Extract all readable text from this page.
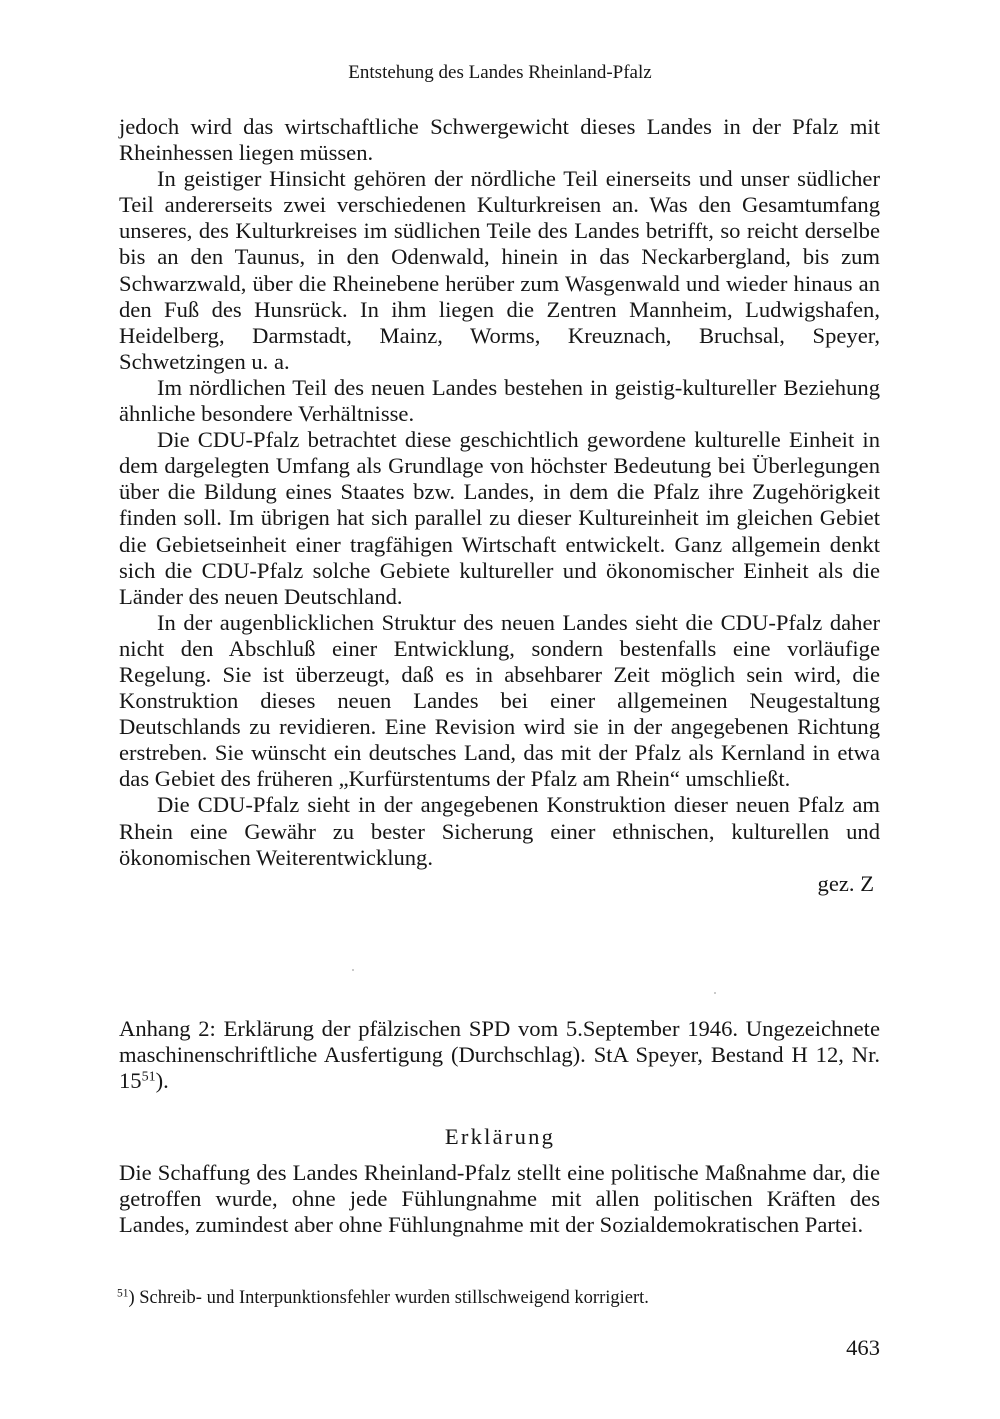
Entstehung des Landes Rheinland-Pfalz

jedoch wird das wirtschaftliche Schwergewicht dieses Landes in der Pfalz mit Rheinhessen liegen müssen.

In geistiger Hinsicht gehören der nördliche Teil einerseits und unser südlicher Teil andererseits zwei verschiedenen Kulturkreisen an. Was den Gesamtumfang unseres, des Kulturkreises im südlichen Teile des Landes betrifft, so reicht derselbe bis an den Taunus, in den Odenwald, hinein in das Neckarbergland, bis zum Schwarzwald, über die Rheinebene herüber zum Wasgenwald und wieder hinaus an den Fuß des Hunsrück. In ihm liegen die Zentren Mannheim, Ludwigshafen, Heidelberg, Darmstadt, Mainz, Worms, Kreuznach, Bruchsal, Speyer, Schwetzingen u. a.

Im nördlichen Teil des neuen Landes bestehen in geistig-kultureller Beziehung ähnliche besondere Verhältnisse.

Die CDU-Pfalz betrachtet diese geschichtlich gewordene kulturelle Einheit in dem dargelegten Umfang als Grundlage von höchster Bedeutung bei Überlegungen über die Bildung eines Staates bzw. Landes, in dem die Pfalz ihre Zugehörigkeit finden soll. Im übrigen hat sich parallel zu dieser Kultureinheit im gleichen Gebiet die Gebietseinheit einer tragfähigen Wirtschaft entwickelt. Ganz allgemein denkt sich die CDU-Pfalz solche Gebiete kultureller und ökonomischer Einheit als die Länder des neuen Deutschland.

In der augenblicklichen Struktur des neuen Landes sieht die CDU-Pfalz daher nicht den Abschluß einer Entwicklung, sondern bestenfalls eine vorläufige Regelung. Sie ist überzeugt, daß es in absehbarer Zeit möglich sein wird, die Konstruktion dieses neuen Landes bei einer allgemeinen Neugestaltung Deutschlands zu revidieren. Eine Revision wird sie in der angegebenen Richtung erstreben. Sie wünscht ein deutsches Land, das mit der Pfalz als Kernland in etwa das Gebiet des früheren „Kurfürstentums der Pfalz am Rhein“ umschließt.

Die CDU-Pfalz sieht in der angegebenen Konstruktion dieser neuen Pfalz am Rhein eine Gewähr zu bester Sicherung einer ethnischen, kulturellen und ökonomischen Weiterentwicklung.

gez. Z

Anhang 2: Erklärung der pfälzischen SPD vom 5.September 1946. Ungezeichnete maschinenschriftliche Ausfertigung (Durchschlag). StA Speyer, Bestand H 12, Nr. $15^{51}$).

Erklärung

Die Schaffung des Landes Rheinland-Pfalz stellt eine politische Maßnahme dar, die getroffen wurde, ohne jede Fühlungnahme mit allen politischen Kräften des Landes, zumindest aber ohne Fühlungnahme mit der Sozialdemokratischen Partei.

$^{51}$) Schreib- und Interpunktionsfehler wurden stillschweigend korrigiert.
463
